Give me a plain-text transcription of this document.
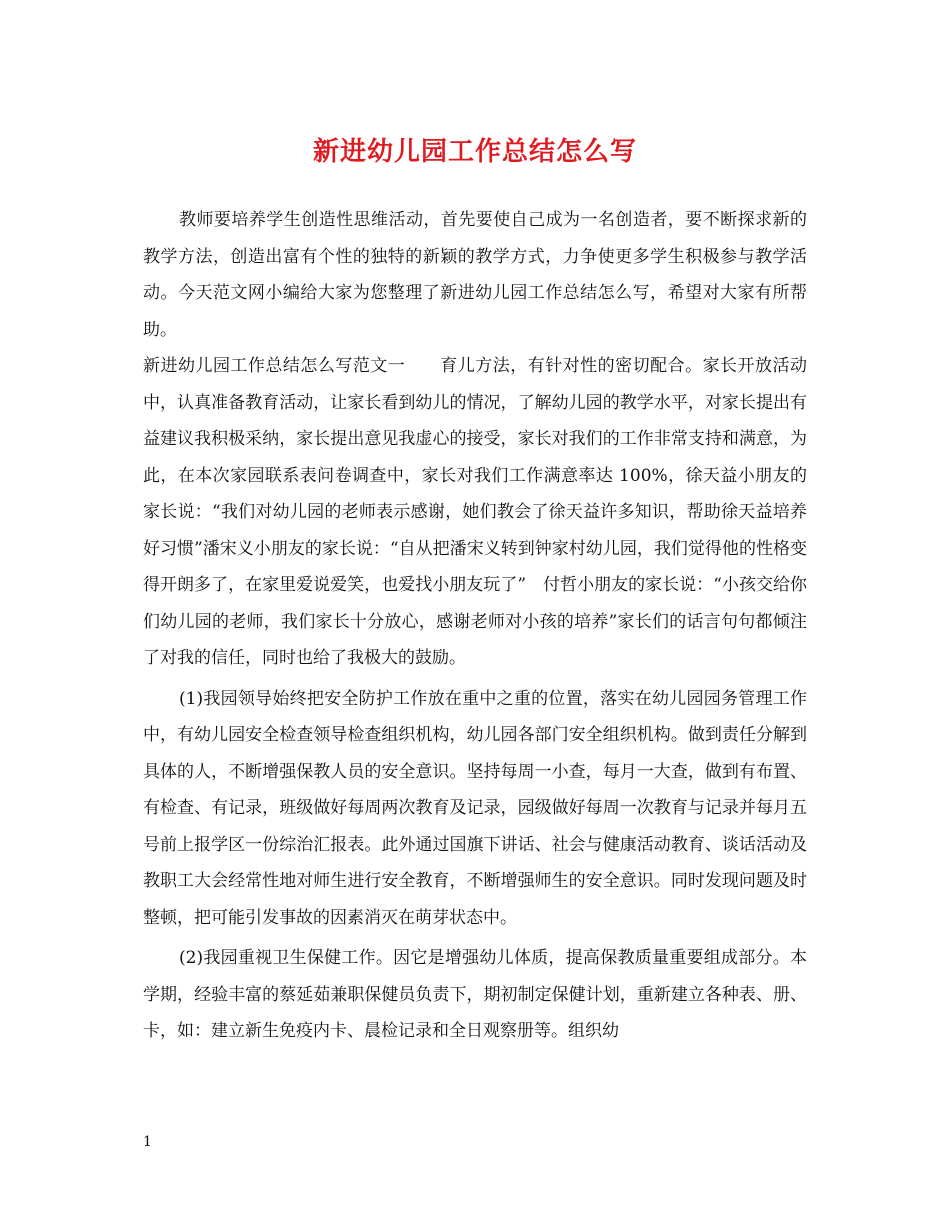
新进幼儿园工作总结怎么写

教师要培养学生创造性思维活动，首先要使自己成为一名创造者，要不断探求新的教学方法，创造出富有个性的独特的新颖的教学方式，力争使更多学生积极参与教学活动。今天范文网小编给大家为您整理了新进幼儿园工作总结怎么写，希望对大家有所帮助。

新进幼儿园工作总结怎么写范文一　　育儿方法，有针对性的密切配合。家长开放活动中，认真准备教育活动，让家长看到幼儿的情况，了解幼儿园的教学水平，对家长提出有益建议我积极采纳，家长提出意见我虚心的接受，家长对我们的工作非常支持和满意，为此，在本次家园联系表问卷调查中，家长对我们工作满意率达 100%，徐天益小朋友的家长说：“我们对幼儿园的老师表示感谢，她们教会了徐天益许多知识，帮助徐天益培养好习惯”潘宋义小朋友的家长说：“自从把潘宋义转到钟家村幼儿园，我们觉得他的性格变得开朗多了，在家里爱说爱笑，也爱找小朋友玩了”　付哲小朋友的家长说：“小孩交给你们幼儿园的老师，我们家长十分放心，感谢老师对小孩的培养”家长们的话言句句都倾注了对我的信任，同时也给了我极大的鼓励。

(1)我园领导始终把安全防护工作放在重中之重的位置，落实在幼儿园园务管理工作中，有幼儿园安全检查领导检查组织机构，幼儿园各部门安全组织机构。做到责任分解到具体的人，不断增强保教人员的安全意识。坚持每周一小查，每月一大查，做到有布置、有检查、有记录，班级做好每周两次教育及记录，园级做好每周一次教育与记录并每月五号前上报学区一份综治汇报表。此外通过国旗下讲话、社会与健康活动教育、谈话活动及教职工大会经常性地对师生进行安全教育，不断增强师生的安全意识。同时发现问题及时整顿，把可能引发事故的因素消灭在萌芽状态中。

(2)我园重视卫生保健工作。因它是增强幼儿体质，提高保教质量重要组成部分。本学期，经验丰富的蔡延茹兼职保健员负责下，期初制定保健计划，重新建立各种表、册、卡，如：建立新生免疫内卡、晨检记录和全日观察册等。组织幼

1
